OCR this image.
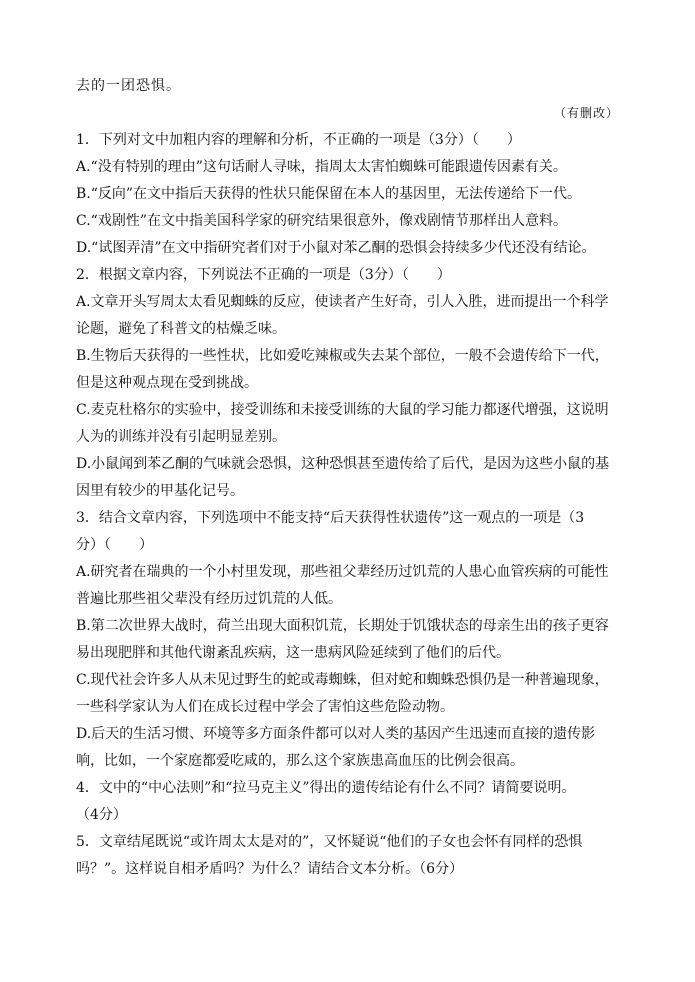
去的一团恐惧。
（有删改）
1．下列对文中加粗内容的理解和分析，不正确的一项是（3分）（　　）
A.“没有特别的理由”这句话耐人寻味，指周太太害怕蜘蛛可能跟遗传因素有关。
B.“反向”在文中指后天获得的性状只能保留在本人的基因里，无法传递给下一代。
C.“戏剧性”在文中指美国科学家的研究结果很意外，像戏剧情节那样出人意料。
D.“试图弄清”在文中指研究者们对于小鼠对苯乙酮的恐惧会持续多少代还没有结论。
2．根据文章内容，下列说法不正确的一项是（3分）（　　）
A.文章开头写周太太看见蜘蛛的反应，使读者产生好奇，引人入胜，进而提出一个科学
论题，避免了科普文的枯燥乏味。
B.生物后天获得的一些性状，比如爱吃辣椒或失去某个部位，一般不会遗传给下一代，
但是这种观点现在受到挑战。
C.麦克杜格尔的实验中，接受训练和未接受训练的大鼠的学习能力都逐代增强，这说明
人为的训练并没有引起明显差别。
D.小鼠闻到苯乙酮的气味就会恐惧，这种恐惧甚至遗传给了后代，是因为这些小鼠的基
因里有较少的甲基化记号。
3．结合文章内容，下列选项中不能支持“后天获得性状遗传”这一观点的一项是（3
分）（　　）
A.研究者在瑞典的一个小村里发现，那些祖父辈经历过饥荒的人患心血管疾病的可能性
普遍比那些祖父辈没有经历过饥荒的人低。
B.第二次世界大战时，荷兰出现大面积饥荒，长期处于饥饿状态的母亲生出的孩子更容
易出现肥胖和其他代谢紊乱疾病，这一患病风险延续到了他们的后代。
C.现代社会许多人从未见过野生的蛇或毒蜘蛛，但对蛇和蜘蛛恐惧仍是一种普遍现象，
一些科学家认为人们在成长过程中学会了害怕这些危险动物。
D.后天的生活习惯、环境等多方面条件都可以对人类的基因产生迅速而直接的遗传影
响，比如，一个家庭都爱吃咸的，那么这个家族患高血压的比例会很高。
4．文中的“中心法则”和“拉马克主义”得出的遗传结论有什么不同？请简要说明。
（4分）
5．文章结尾既说“或许周太太是对的”，又怀疑说“他们的子女也会怀有同样的恐惧
吗？”。这样说自相矛盾吗？为什么？请结合文本分析。（6分）
